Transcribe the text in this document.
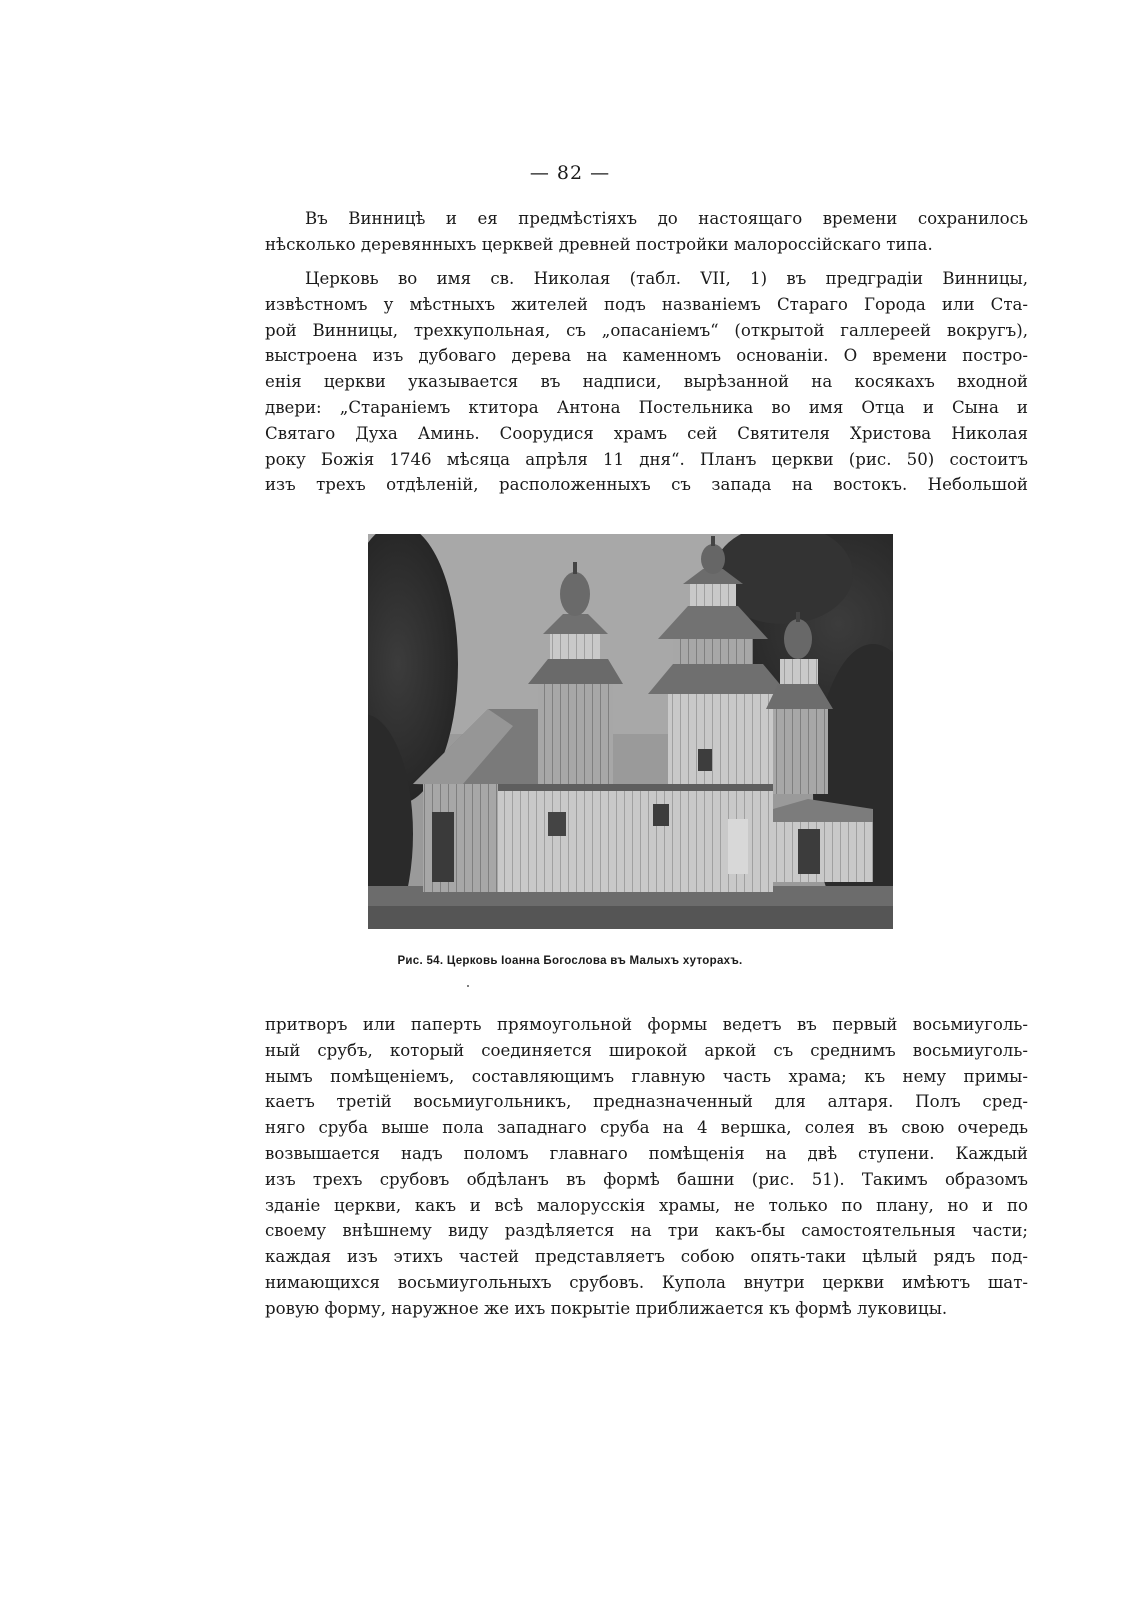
— 82 —
Въ Винницѣ и ея предмѣстіяхъ до настоящаго времени сохранилось
нѣсколько деревянныхъ церквей древней постройки малороссійскаго типа.
Церковь во имя св. Николая (табл. VII, 1) въ предградіи Винницы,
извѣстномъ у мѣстныхъ жителей подъ названіемъ Стараго Города или Ста-
рой Винницы, трехкупольная, съ „опасаніемъ“ (открытой галлереей вокругъ),
выстроена изъ дубоваго дерева на каменномъ основаніи. О времени постро-
енія церкви указывается въ надписи, вырѣзанной на косякахъ входной
двери: „Стараніемъ ктитора Антона Постельника во имя Отца и Сына и
Святаго Духа Аминь. Соорудися храмъ сей Святителя Христова Николая
року Божія 1746 мѣсяца апрѣля 11 дня“. Планъ церкви (рис. 50) состоитъ
изъ трехъ отдѣленій, расположенныхъ съ запада на востокъ. Небольшой
Рис. 54. Церковь Іоанна Богослова въ Малыхъ хуторахъ.
притворъ или паперть прямоугольной формы ведетъ въ первый восьмиуголь-
ный срубъ, который соединяется широкой аркой съ среднимъ восьмиуголь-
нымъ помѣщеніемъ, составляющимъ главную часть храма; къ нему примы-
каетъ третій восьмиугольникъ, предназначенный для алтаря. Полъ сред-
няго сруба выше пола западнаго сруба на 4 вершка, солея въ свою очередь
возвышается надъ поломъ главнаго помѣщенія на двѣ ступени. Каждый
изъ трехъ срубовъ обдѣланъ въ формѣ башни (рис. 51). Такимъ образомъ
зданіе церкви, какъ и всѣ малорусскія храмы, не только по плану, но и по
своему внѣшнему виду раздѣляется на три какъ-бы самостоятельныя части;
каждая изъ этихъ частей представляетъ собою опять-таки цѣлый рядъ под-
нимающихся восьмиугольныхъ срубовъ. Купола внутри церкви имѣютъ шат-
ровую форму, наружное же ихъ покрытіе приближается къ формѣ луковицы.
